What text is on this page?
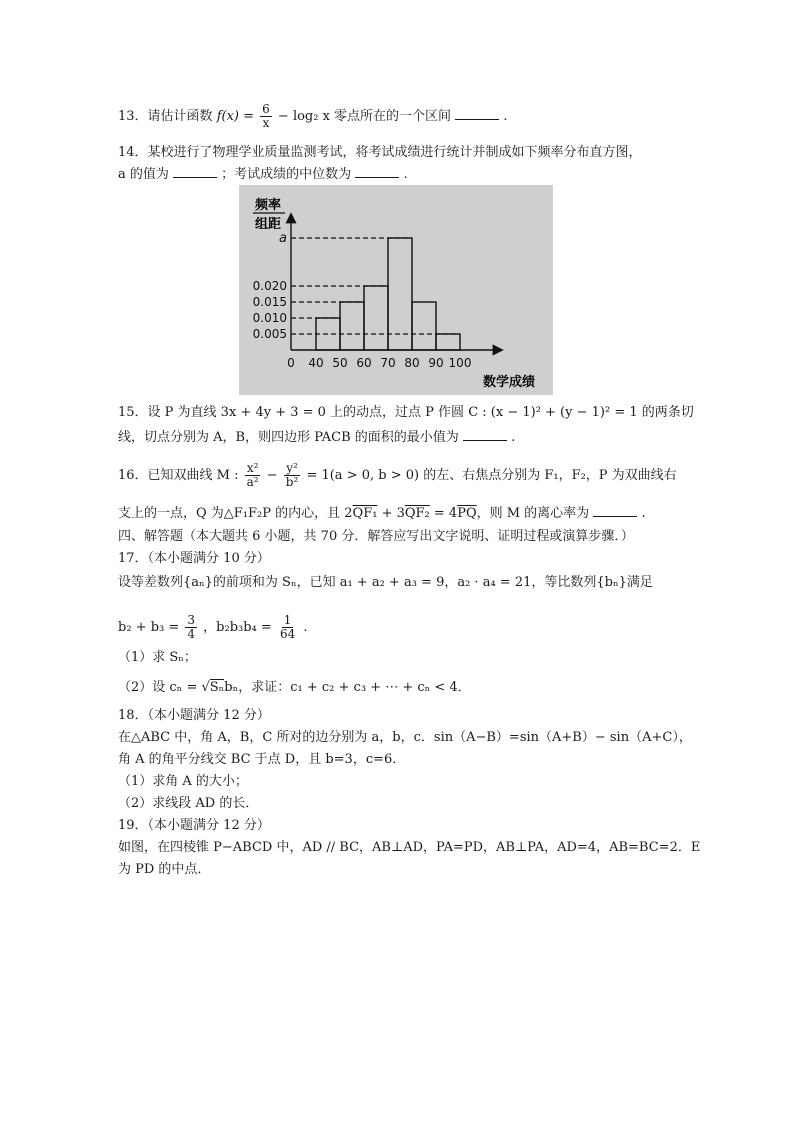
13．请估计函数 $f(x) = \frac{6}{x} - \log_2$ x 零点所在的一个区间	.
14．某校进行了物理学业质量监测考试，将考试成绩进行统计并制成如下频率分布直方图，
a 的值为	；考试成绩的中位数为	.
频率
组距
数学成绩
0.005
0.010
0.015
0.020
a
0 40 50 60 70 80 90 100
15．设 P 为直线 3x + 4y + 3 = 0 上的动点，过点 P 作圆 C : (x − 1)² + (y − 1)² = 1 的两条切
线，切点分别为 A，B，则四边形 PACB 的面积的最小值为	.
16．已知双曲线 M : $\frac{\text{x²}}{\text{a²}} - \frac{\text{y²}}{\text{b²}} = 1(a > 0$, b > 0) 的左、右焦点分别为 F₁，F₂，P 为双曲线右
支上的一点，Q 为△F₁F₂P 的内心，且 $2QF_1 + 3QF_2 = 4\overline{PQ}$，则 M 的离心率为	.
四、解答题（本大题共 6 小题，共 70 分．解答应写出文字说明、证明过程或演算步骤．）
17．（本小题满分 10 分）
设等差数列{aₙ}的前项和为 Sₙ，已知 a₁ + a₂ + a₃ = 9，a₂ · a₄ = 21，等比数列{bₙ}满足
$b_2 + b_3 = \frac{3}{4}$ ，$b_2b_3b_4 = \frac{1}{64}$ .
（1）求 Sₙ；
（2）设 cₙ = √Sₙbₙ，求证：c₁ + c₂ + c₃ + ⋯ + cₙ < 4．
18．（本小题满分 12 分）
在△ABC 中，角 A，B，C 所对的边分别为 a，b，c．sin（A−B）=sin（A+B）− sin（A+C），
角 A 的角平分线交 BC 于点 D，且 b=3，c=6．
（1）求角 A 的大小；
（2）求线段 AD 的长．
19．（本小题满分 12 分）
如图，在四棱锥 P−ABCD 中，AD // BC，AB⊥AD，PA=PD，AB⊥PA，AD=4，AB=BC=2．E
为 PD 的中点．
